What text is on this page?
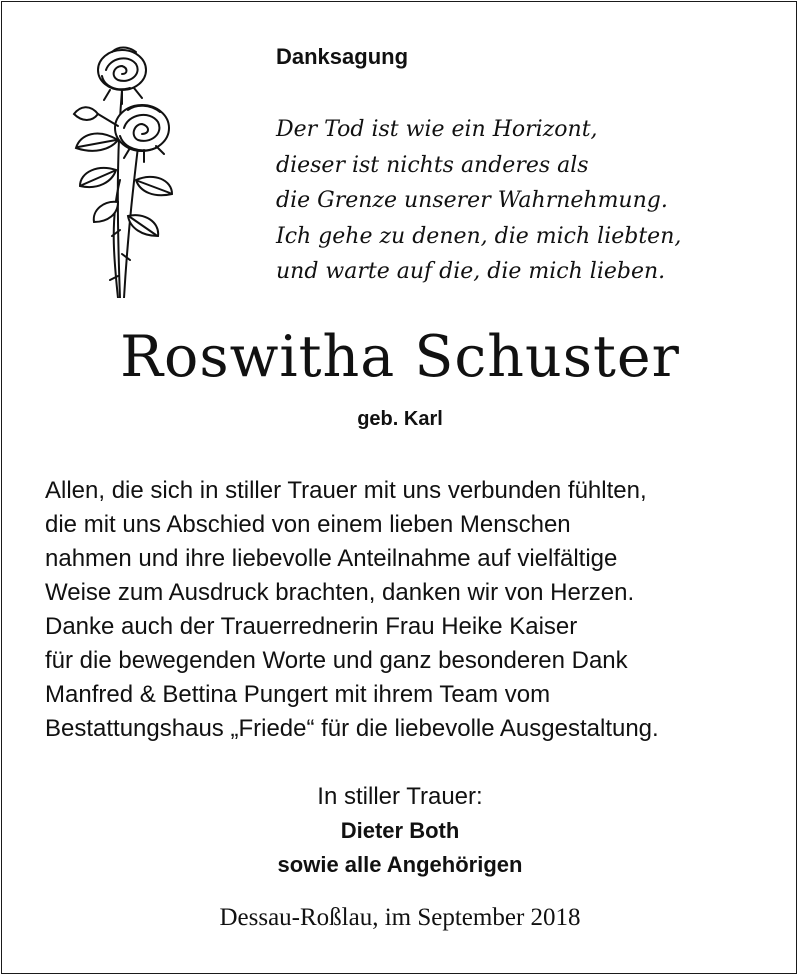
Danksagung
Der Tod ist wie ein Horizont,
dieser ist nichts anderes als
die Grenze unserer Wahrnehmung.
Ich gehe zu denen, die mich liebten,
und warte auf die, die mich lieben.
Roswitha Schuster
geb. Karl
Allen, die sich in stiller Trauer mit uns verbunden fühlten,
die mit uns Abschied von einem lieben Menschen
nahmen und ihre liebevolle Anteilnahme auf vielfältige
Weise zum Ausdruck brachten, danken wir von Herzen.
Danke auch der Trauerrednerin Frau Heike Kaiser
für die bewegenden Worte und ganz besonderen Dank
Manfred & Bettina Pungert mit ihrem Team vom
Bestattungshaus „Friede“ für die liebevolle Ausgestaltung.
In stiller Trauer:
Dieter Both
sowie alle Angehörigen
Dessau-Roßlau, im September 2018
